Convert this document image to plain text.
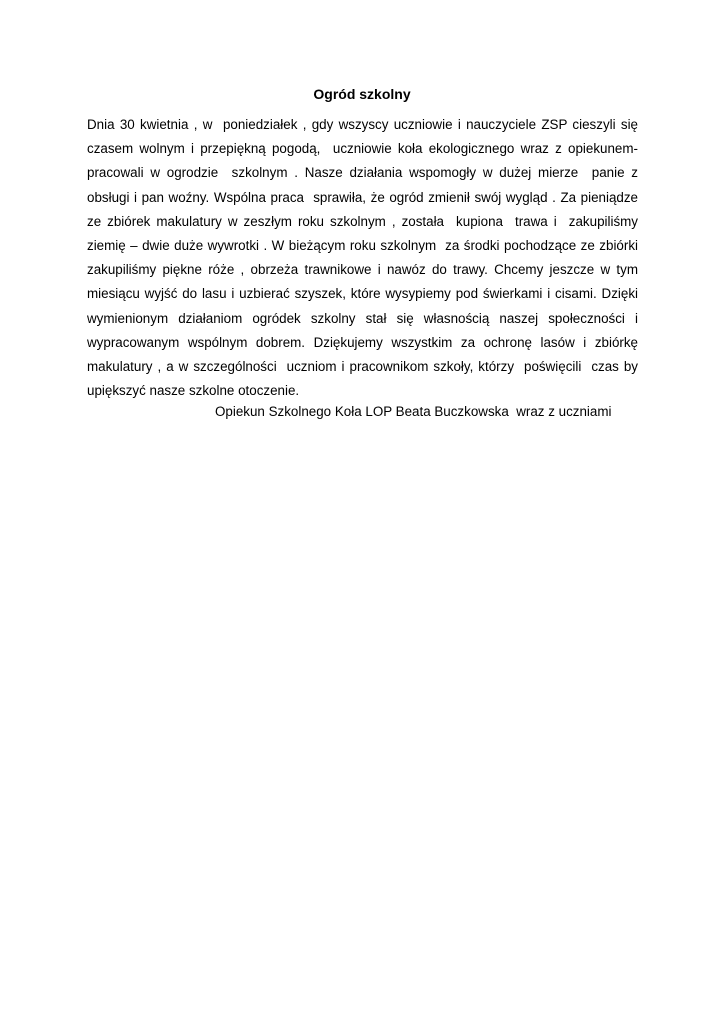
Ogród szkolny

Dnia 30 kwietnia , w  poniedziałek , gdy wszyscy uczniowie i nauczyciele ZSP cieszyli się czasem wolnym i przepiękną pogodą,  uczniowie koła ekologicznego wraz z opiekunem- pracowali w ogrodzie  szkolnym . Nasze działania wspomogły w dużej mierze  panie z obsługi i pan woźny. Wspólna praca  sprawiła, że ogród zmienił swój wygląd . Za pieniądze ze zbiórek makulatury w zeszłym roku szkolnym , została  kupiona  trawa i  zakupiliśmy ziemię – dwie duże wywrotki . W bieżącym roku szkolnym  za środki pochodzące ze zbiórki zakupiliśmy piękne róże , obrzeża trawnikowe i nawóz do trawy. Chcemy jeszcze w tym miesiącu wyjść do lasu i uzbierać szyszek, które wysypiemy pod świerkami i cisami. Dzięki wymienionym działaniom ogródek szkolny stał się własnością naszej społeczności i wypracowanym wspólnym dobrem. Dziękujemy wszystkim za ochronę lasów i zbiórkę makulatury , a w szczególności  uczniom i pracownikom szkoły, którzy  poświęcili  czas by upiększyć nasze szkolne otoczenie.

Opiekun Szkolnego Koła LOP Beata Buczkowska  wraz z uczniami
